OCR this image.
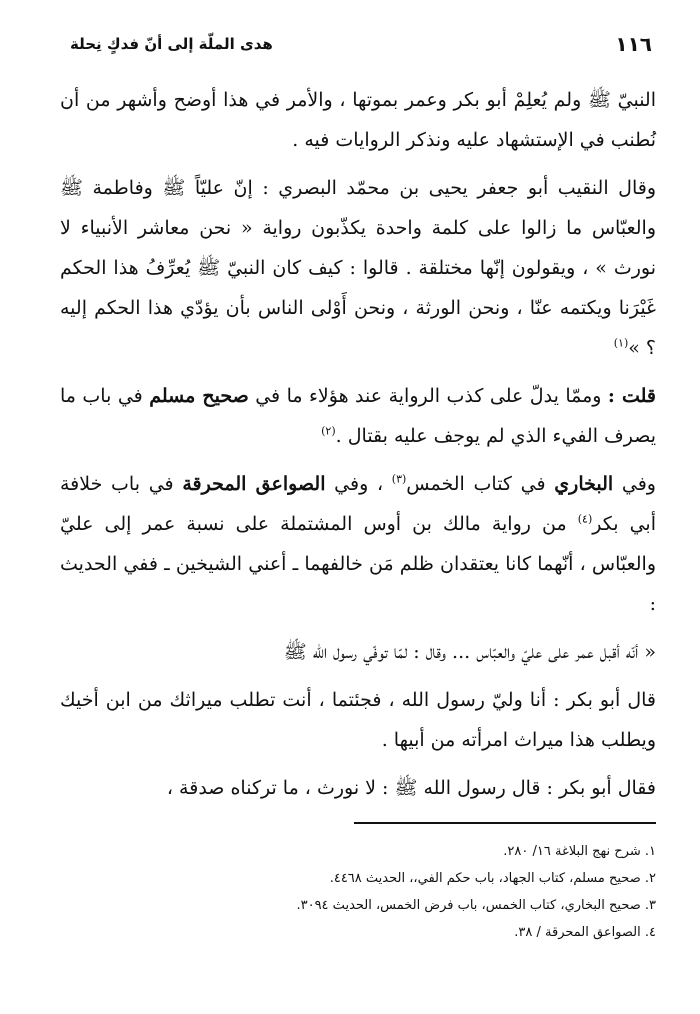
هدى الملّة إلى أنّ فدكٍ نِحلة	١١٦

النبيّ ﷺ ولم يُعلِمْ أبو بكر وعمر بموتها ، والأمر في هذا أوضح وأشهر من أن نُطنب في الإستشهاد عليه ونذكر الروايات فيه .

وقال النقيب أبو جعفر يحيى بن محمّد البصري : إنّ عليّاً ﷺ وفاطمة ﷺ والعبّاس ما زالوا على كلمة واحدة يكذّبون رواية « نحن معاشر الأنبياء لا نورث » ، ويقولون إنّها مختلقة . قالوا : كيف كان النبيّ ﷺ يُعرِّفُ هذا الحكم غَيْرَنا ويكتمه عنّا ، ونحن الورثة ، ونحن أَوْلى الناس بأن يؤدّي هذا الحكم إليه ؟ »$^{(١)}$

قلت : وممّا يدلّ على كذب الرواية عند هؤلاء ما في صحيح مسلم في باب ما يصرف الفيء الذي لم يوجف عليه بقتال .$^{(٢)}$

وفي البخاري في كتاب الخمس$^{(٣)}$ ، وفي الصواعق المحرقة في باب خلافة أبي بكر$^{(٤)}$ من رواية مالك بن أوس المشتملة على نسبة عمر إلى عليّ والعبّاس ، أنّهما كانا يعتقدان ظلم مَن خالفهما ـ أعني الشيخين ـ ففي الحديث :

« أنّه أقبل عمر على عليّ والعبّاس ... وقال : لمّا توفّي رسول الله ﷺ

قال أبو بكر : أنا وليّ رسول الله ، فجئتما ، أنت تطلب ميراثك من ابن أخيك ويطلب هذا ميراث امرأته من أبيها .

فقال أبو بكر : قال رسول الله ﷺ : لا نورث ، ما تركناه صدقة ،

١. شرح نهج البلاغة ١٦/ ٢٨٠.
٢. صحيح مسلم، كتاب الجهاد، باب حكم الفي،، الحديث ٤٤٦٨.
٣. صحيح البخاري، كتاب الخمس، باب فرض الخمس، الحديث ٣٠٩٤.
٤. الصواعق المحرقة / ٣٨.
